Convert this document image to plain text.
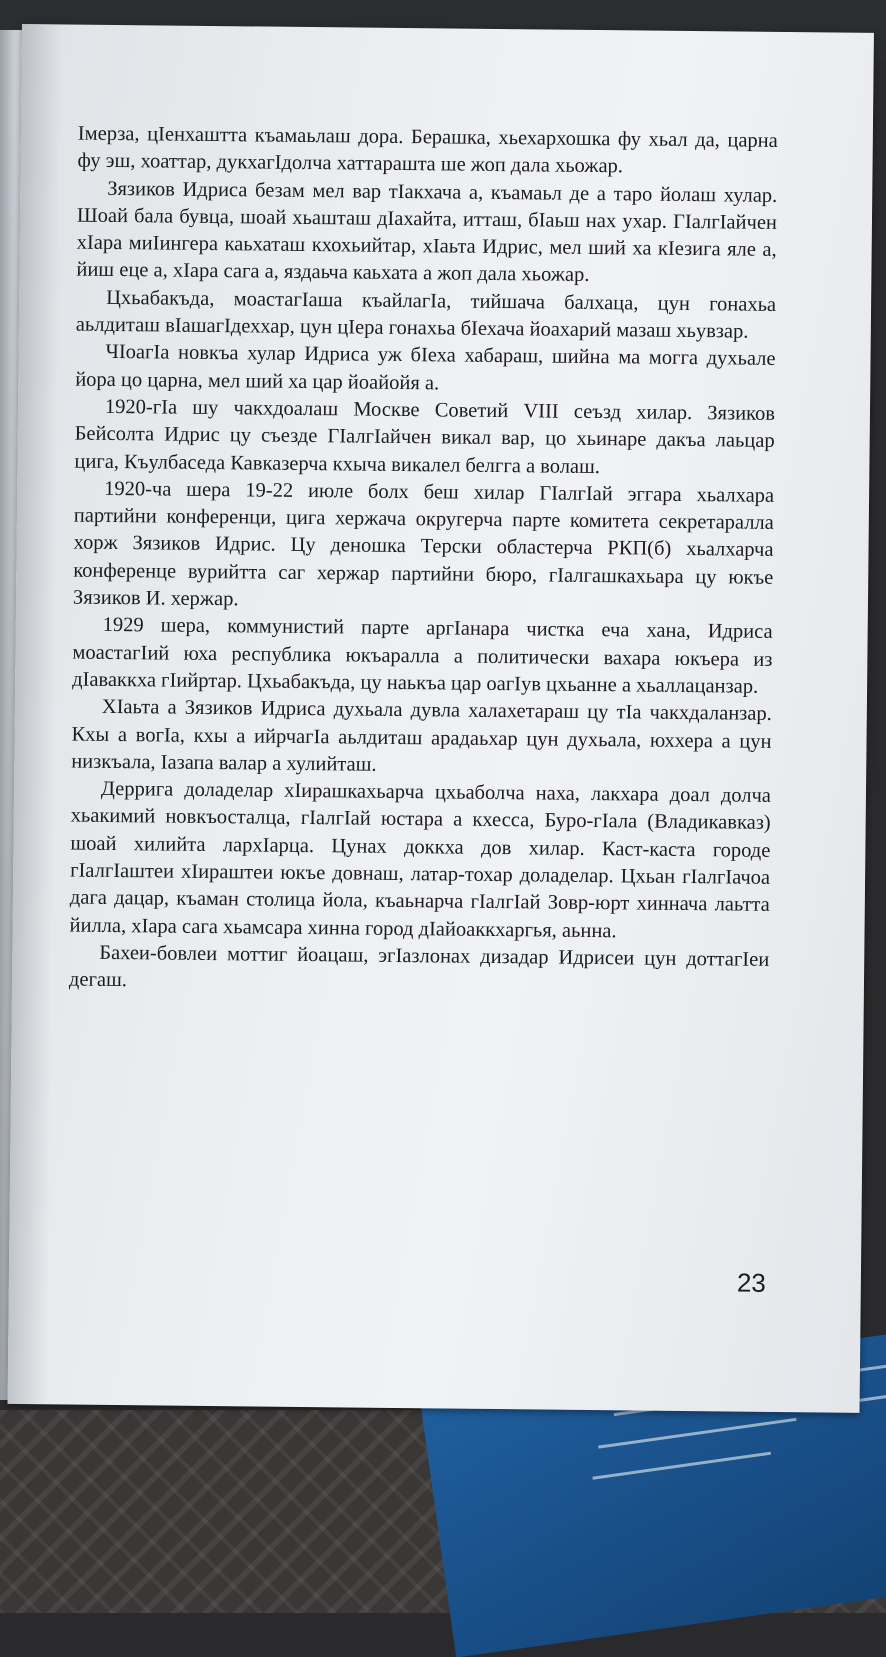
Імерза, цІенхаштта къамаьлаш дора. Берашка, хьехархошка фу хьал да, царна фу эш, хоаттар, дукхагІдолча хаттараштa ше жоп дала хьожар.

Зязиков Идриса безам мел вар тІакхача а, къамаьл де а таро йолаш хулар. Шоай бала бувца, шоай хьашташ дІахайта, итташ, бІаьш нах ухар. ГІалгІайчен хІара миІингера каьхаташ кхохьийтар, хІаьта Идрис, мел ший ха кІезига яле а, йиш еце а, хІара сага а, яздаьча каьхата а жоп дала хьожар.

Цхьабакъда, моастагІаша къайлагІа, тийшача балхаца, цун гонахьа аьлдиташ вІашагІдеххар, цун цІера гонахьа бІехача йоахарий мазаш хьувзар.

ЧІоагІа новкъа хулар Идриса уж бІеха хабараш, шийна ма могга духьале йора цо царна, мел ший ха цар йоайойя а.

1920-гІа шу чакхдоалаш Москве Советий VIII сеъзд хилар. Зязиков Бейсолта Идрис цу съезде ГІалгІайчен викал вар, цо хьинаре дакъа лаьцар цига, Къулбаседа Кавказерча кхыча викалел белгга а волаш.

1920-ча шера 19-22 июле болх беш хилар ГІалгІай эггара хьалхара партийни конференци, цига хержача округерча парте комитета секретаралла хорж Зязиков Идрис. Цу деношка Терски областерча РКП(б) хьалхарча конференце вурийтта саг хержар партийни бюро, гІалгашкахьара цу юкъе Зязиков И. хержар.

1929 шера, коммунистий парте аргІанара чистка еча хана, Идриса моастагІий юха республика юкъаралла а политически вахара юкъера из дІаваккха гІийртар. Цхьабакъда, цу наькъа цар оагІув цхьанне а хьаллацанзар.

ХІаьта а Зязиков Идриса духьала дувла халахетараш цу тІа чакхдаланзар. Кхы а вогІа, кхы а ийрчагІа аьлдиташ арадаьхар цун духьала, юххера а цун низкъала, Іазапа валар а хулийташ.

Деррига доладелар хІирашкахьарча цхьаболча наха, лакхара доал долча хьакимий новкъосталца, гІалгІай юстара а кхесса, Буро-гІала (Владикавказ) шоай хилийта лархІарца. Цунах доккха дов хилар. Каст-каста городе гІалгІаштеи хІираштеи юкъе довнаш, латар-тохар доладелар. Цхьан гІалгІачоа дага дацар, къаман столица йола, къаьнарча гІалгІай Зовр-юрт хиннача лаьтта йилла, хІара сага хьамсара хинна город дІайоаккхаргья, аьнна.

Бахеи-бовлеи моттиг йоацаш, эгІазлонах дизадар Идрисеи цун доттагІеи дегаш.

23
